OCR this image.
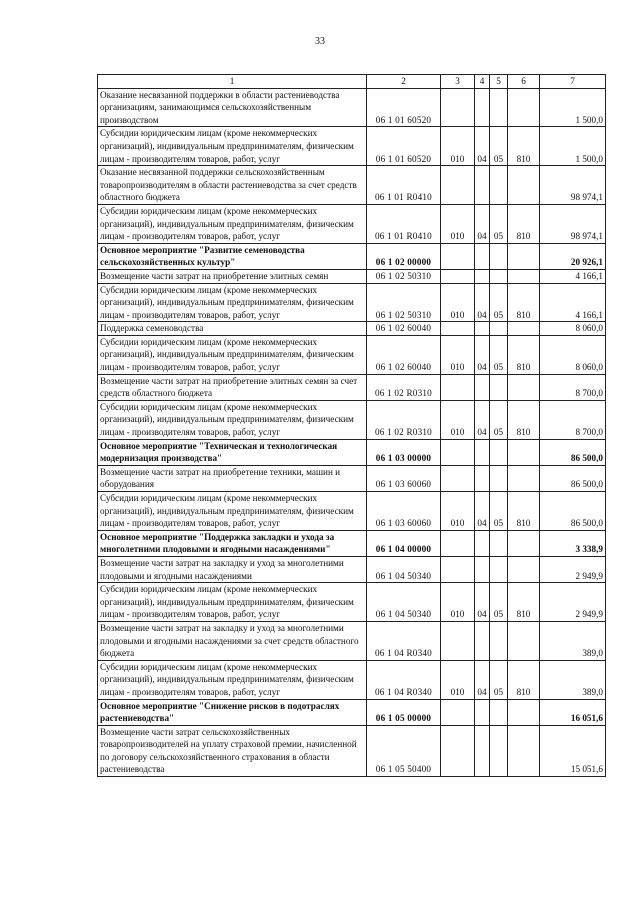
33
1	2	3	4	5	6	7
Оказание несвязанной поддержки в области растениеводства организациям, занимающимся сельскохозяйственным производством	06 1 01 60520					1 500,0
Субсидии юридическим лицам (кроме некоммерческих организаций), индивидуальным предпринимателям, физическим лицам - производителям товаров, работ, услуг	06 1 01 60520	010	04	05	810	1 500,0
Оказание несвязанной поддержки сельскохозяйственным товаропроизводителям в области растениеводства за счет средств областного бюджета	06 1 01 R0410					98 974,1
Субсидии юридическим лицам (кроме некоммерческих организаций), индивидуальным предпринимателям, физическим лицам - производителям товаров, работ, услуг	06 1 01 R0410	010	04	05	810	98 974,1
Основное мероприятие "Развитие семеноводства сельскохозяйственных культур"	06 1 02 00000					20 926,1
Возмещение части затрат на приобретение элитных семян	06 1 02 50310					4 166,1
Субсидии юридическим лицам (кроме некоммерческих организаций), индивидуальным предпринимателям, физическим лицам - производителям товаров, работ, услуг	06 1 02 50310	010	04	05	810	4 166,1
Поддержка семеноводства	06 1 02 60040					8 060,0
Субсидии юридическим лицам (кроме некоммерческих организаций), индивидуальным предпринимателям, физическим лицам - производителям товаров, работ, услуг	06 1 02 60040	010	04	05	810	8 060,0
Возмещение части затрат на приобретение элитных семян за счет средств областного бюджета	06 1 02 R0310					8 700,0
Субсидии юридическим лицам (кроме некоммерческих организаций), индивидуальным предпринимателям, физическим лицам - производителям товаров, работ, услуг	06 1 02 R0310	010	04	05	810	8 700,0
Основное мероприятие "Техническая и технологическая модернизация производства"	06 1 03 00000					86 500,0
Возмещение части затрат на приобретение техники, машин и оборудования	06 1 03 60060					86 500,0
Субсидии юридическим лицам (кроме некоммерческих организаций), индивидуальным предпринимателям, физическим лицам - производителям товаров, работ, услуг	06 1 03 60060	010	04	05	810	86 500,0
Основное мероприятие "Поддержка закладки и ухода за многолетними плодовыми и ягодными насаждениями"	06 1 04 00000					3 338,9
Возмещение части затрат на закладку и уход за многолетними плодовыми и ягодными насаждениями	06 1 04 50340					2 949,9
Субсидии юридическим лицам (кроме некоммерческих организаций), индивидуальным предпринимателям, физическим лицам - производителям товаров, работ, услуг	06 1 04 50340	010	04	05	810	2 949,9
Возмещение части затрат на закладку и уход за многолетними плодовыми и ягодными насаждениями за счет средств областного бюджета	06 1 04 R0340					389,0
Субсидии юридическим лицам (кроме некоммерческих организаций), индивидуальным предпринимателям, физическим лицам - производителям товаров, работ, услуг	06 1 04 R0340	010	04	05	810	389,0
Основное мероприятие "Снижение рисков в подотраслях растениеводства"	06 1 05 00000					16 051,6
Возмещение части затрат сельскохозяйственных товаропроизводителей на уплату страховой премии, начисленной по договору сельскохозяйственного страхования в области растениеводства	06 1 05 50400					15 051,6
